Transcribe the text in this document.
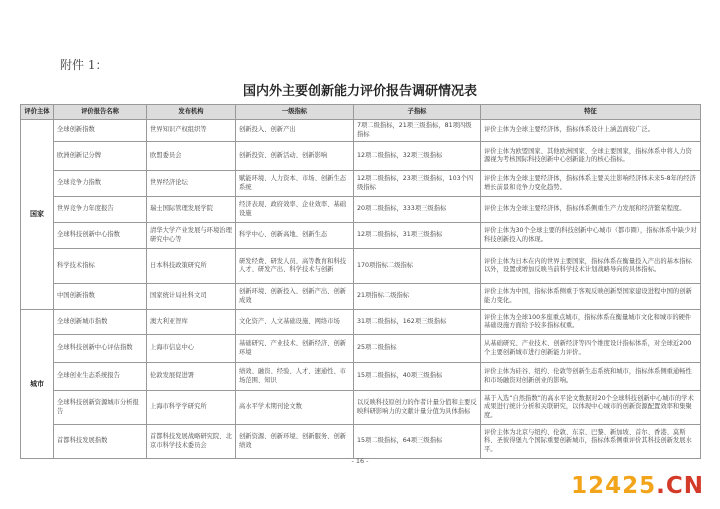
附件 1：

国内外主要创新能力评价报告调研情况表
评价主体	评价报告名称	发布机构	一级指标	子指标	特征
国家	全球创新指数	世界知识产权组织等	创新投入、创新产出	7项二级指标，21项三级指标，81项四级指标	评价主体为全球主要经济体，指标体系设计上涵盖面较广泛。
	欧洲创新记分牌	欧盟委员会	创新投资、创新活动、创新影响	12项二级指标，32项三级指标	评价主体为欧盟国家、其他欧洲国家、全球主要国家，指标体系中将人力资源视为考核国际科技创新中心创新能力的核心指标。
	全球竞争力指数	世界经济论坛	赋能环境、人力资本、市场、创新生态系统	12项二级指标，23项三级指标，103个四级指标	评价主体为全球主要经济体，指标体系主要关注影响经济体未来5-8年的经济增长前景和竞争力变化趋势。
	世界竞争力年度报告	瑞士国际管理发展学院	经济表现、政府效率、企业效率、基础设施	20项二级指标，333项三级指标	评价主体为全球主要经济体，指标体系侧重生产力发展和经济繁荣程度。
	全球科技创新中心指数	清华大学产业发展与环境治理研究中心等	科学中心、创新高地、创新生态	12项二级指标，31项三级指标	评价主体为30个全球主要的科技创新中心城市（都市圈），指标体系中缺少对科技创新投入的体现。
	科学技术指标	日本科技政策研究所	研发经费、研发人员、高等教育和科技人才、研发产出、科学技术与创新	170项指标二级指标	评价主体为日本在内的世界主要国家，指标体系在衡量投入产出的基本指标以外，设置或增加反映当前科学技术计划战略导向的具体指标。
	中国创新指数	国家统计局社科文司	创新环境、创新投入、创新产出、创新成效	21项指标二级指标	评价主体为中国，指标体系侧重于客观反映创新型国家建设进程中国的创新能力变化。
城市	全球创新城市指数	澳大利亚智库	文化资产、人文基础设施、网络市场	31项二级指标，162项三级指标	评价主体为全球100多座重点城市，指标体系在衡量城市文化和城市的硬件基础设施方面给予较多指标权重。
	全球科技创新中心评估指数	上海市信息中心	基础研究、产业技术、创新经济、创新环境	25项二级指标	从基础研究、产业技术、创新经济等四个维度设计指标体系，对全球近200个主要创新城市进行创新能力评价。
	全球创业生态系统报告	伦敦发展促进署	绩效、融资、经验、人才、速通性、市场范围、知识	15项二级指标，40项三级指标	评价主体为硅谷、纽约、伦敦等创新生态系统和城市，指标体系侧重通畅性和市场融资对创新创业的影响。
	全球科技创新资源城市分析报告	上海市科学学研究所	高水平学术期刊论文数	以反映科技原创力的作者计量分值和主要反映科研影响力的文献计量分值为具体指标	基于入选“自然指数”的高水平论文数据对20个全球科技创新中心城市的学术成果进行统计分析和关联研究，以体现中心城市的创新资源配置效率和集聚度。
	首都科技发展指数	首都科技发展战略研究院、北京市科学技术委员会	创新资源、创新环境、创新服务、创新绩效	15项二级指标，64项三级指标	评价主体为北京与纽约、伦敦、东京、巴黎、新加坡、首尔、香港、莫斯科、圣彼得堡九个国际重要创新城市，指标体系侧重评价其科技创新发展水平。
- 16 -
12425.CN
